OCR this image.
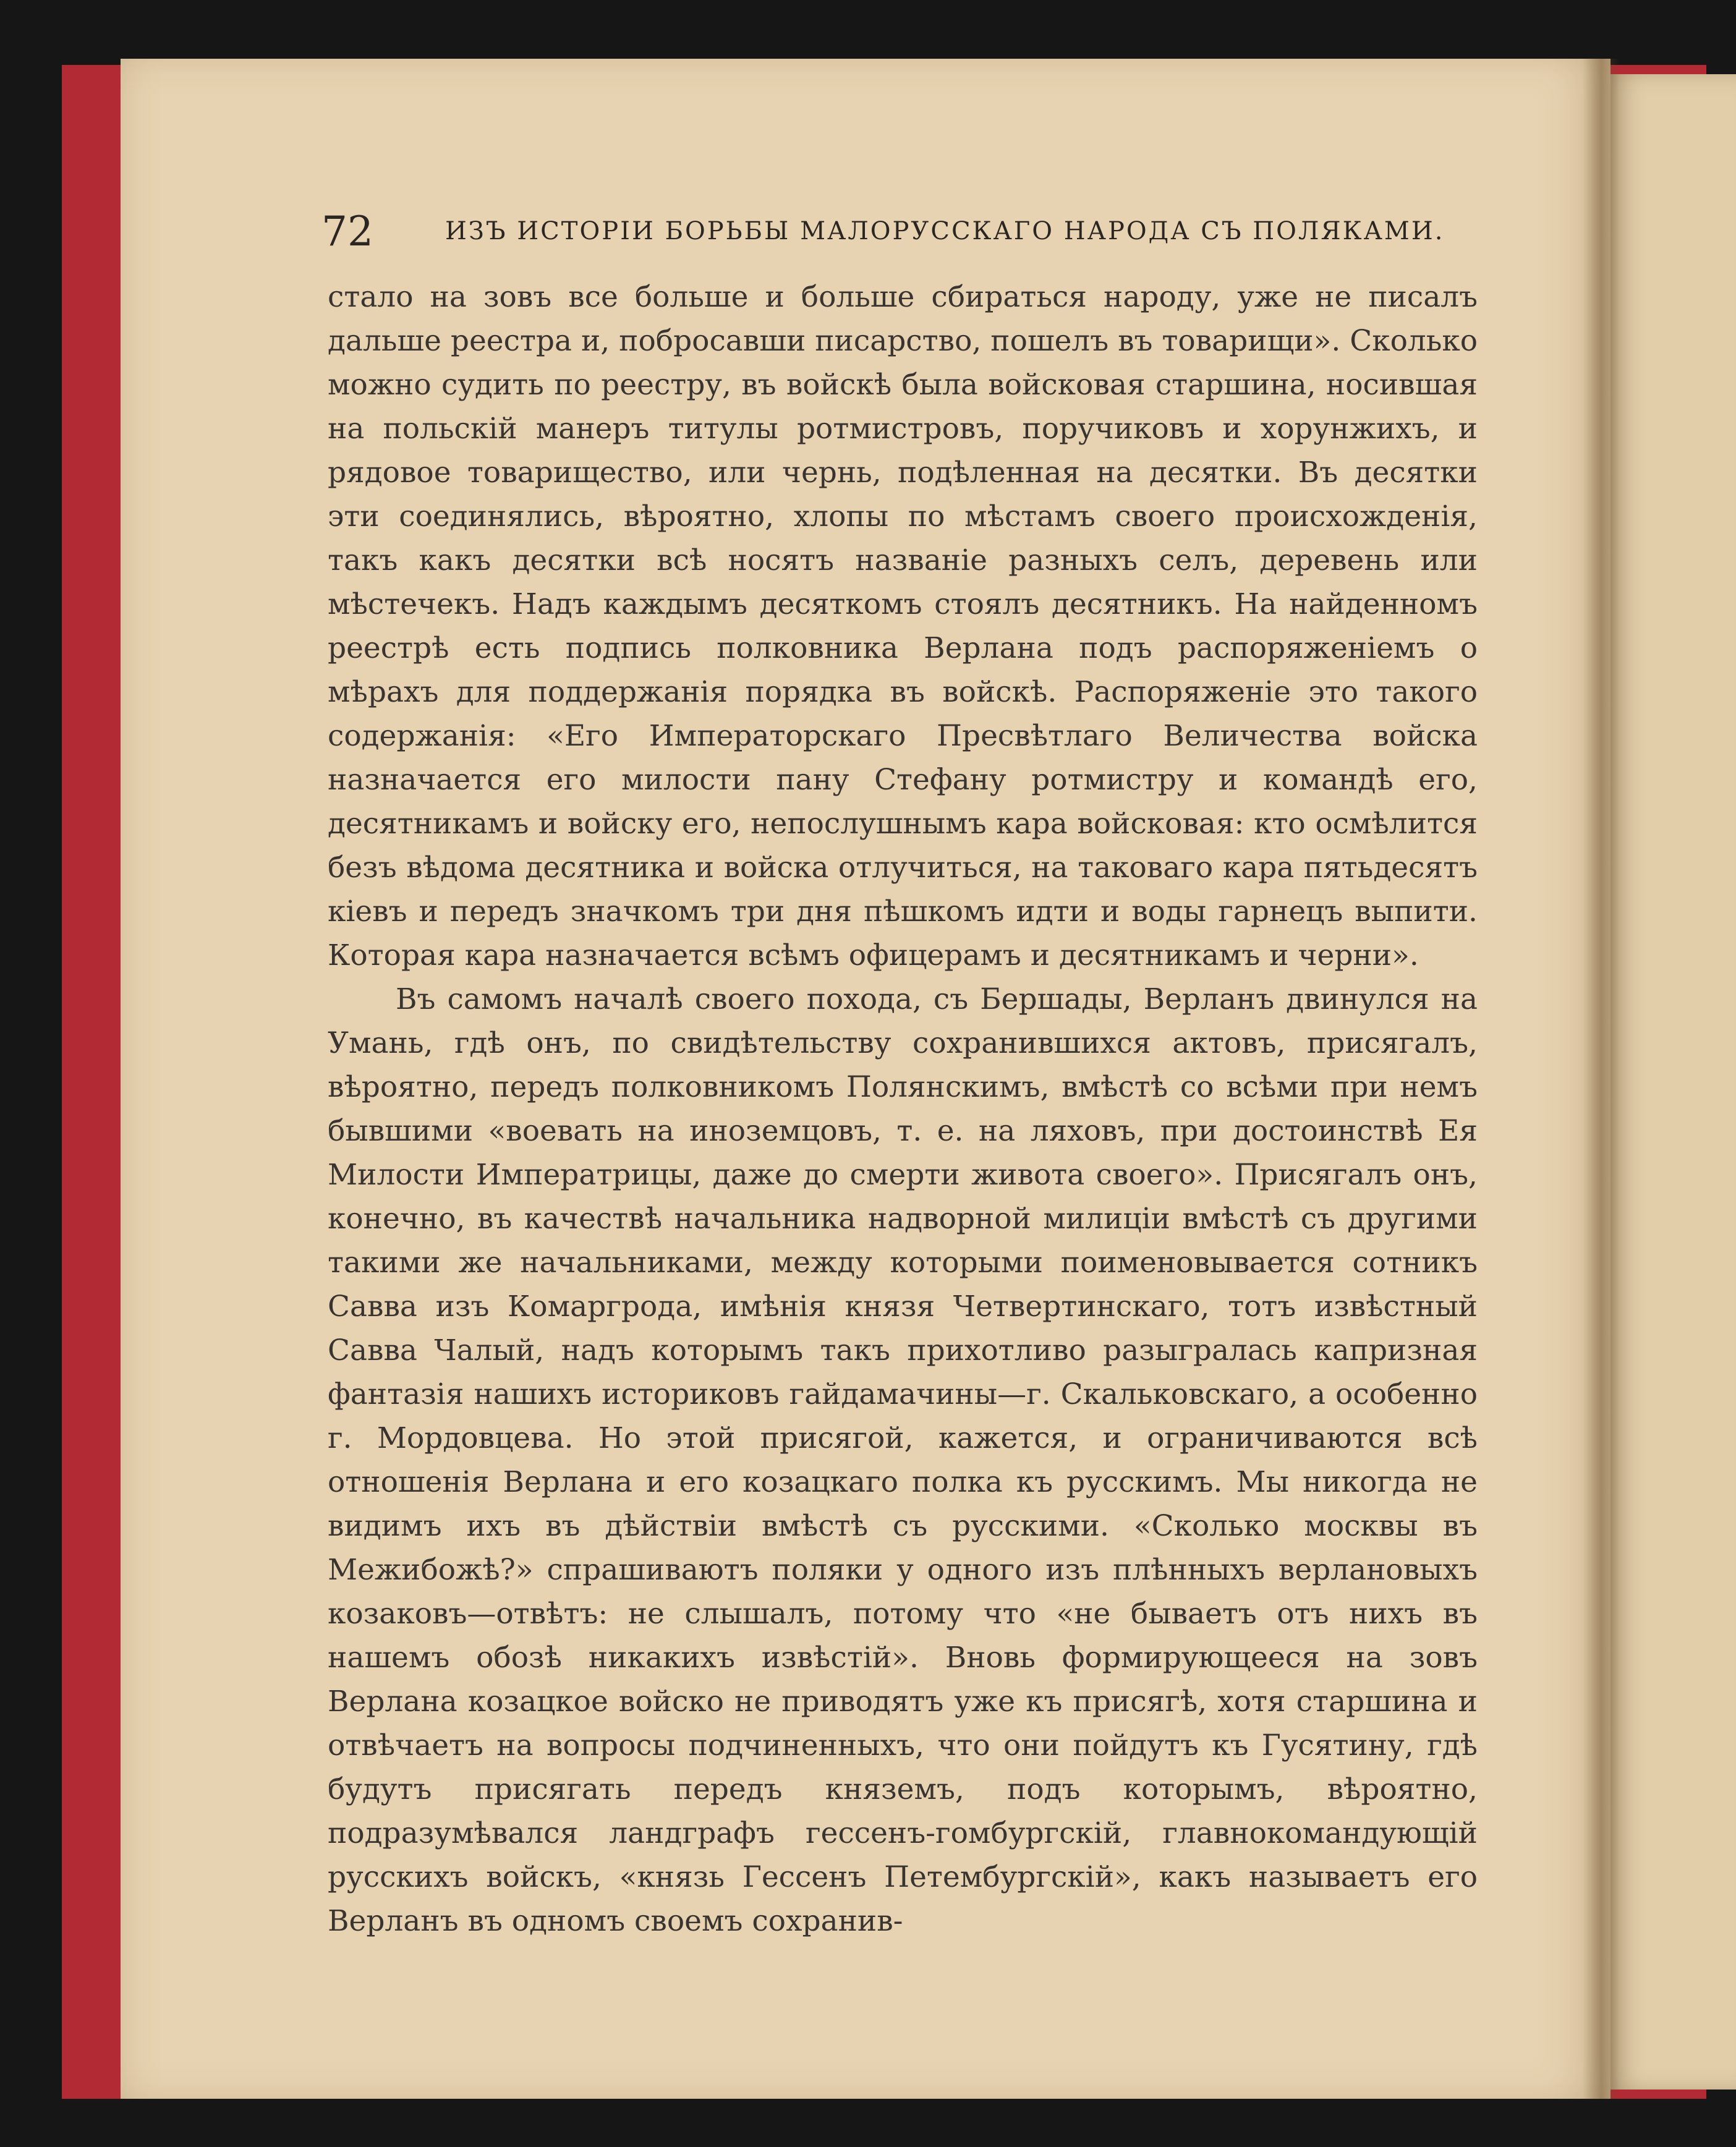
72	ИЗЪ ИСТОРІИ БОРЬБЫ МАЛОРУССКАГО НАРОДА СЪ ПОЛЯКАМИ.

стало на зовъ все больше и больше сбираться народу, уже не писалъ дальше реестра и, побросавши писарство, пошелъ въ товарищи». Сколько можно судить по реестру, въ войскѣ была войсковая старшина, носившая на польскій манеръ титулы ротмистровъ, поручиковъ и хорунжихъ, и рядовое товарищество, или чернь, подѣленная на десятки. Въ десятки эти соединялись, вѣроятно, хлопы по мѣстамъ своего происхожденія, такъ какъ десятки всѣ носятъ названіе разныхъ селъ, деревень или мѣстечекъ. Надъ каждымъ десяткомъ стоялъ десятникъ. На найденномъ реестрѣ есть подпись полковника Верлана подъ распоряженіемъ о мѣрахъ для поддержанія порядка въ войскѣ. Распоряженіе это такого содержанія: «Его Императорскаго Пресвѣтлаго Величества войска назначается его милости пану Стефану ротмистру и командѣ его, десятникамъ и войску его, непослушнымъ кара войсковая: кто осмѣлится безъ вѣдома десятника и войска отлучиться, на таковаго кара пятьдесятъ кіевъ и передъ значкомъ три дня пѣшкомъ идти и воды гарнецъ выпити. Которая кара назначается всѣмъ офицерамъ и десятникамъ и черни».

Въ самомъ началѣ своего похода, съ Бершады, Верланъ двинулся на Умань, гдѣ онъ, по свидѣтельству сохранившихся актовъ, присягалъ, вѣроятно, передъ полковникомъ Полянскимъ, вмѣстѣ со всѣми при немъ бывшими «воевать на иноземцовъ, т. е. на ляховъ, при достоинствѣ Ея Милости Императрицы, даже до смерти живота своего». Присягалъ онъ, конечно, въ качествѣ начальника надворной милиціи вмѣстѣ съ другими такими же начальниками, между которыми поименовывается сотникъ Савва изъ Комаргрода, имѣнія князя Четвертинскаго, тотъ извѣстный Савва Чалый, надъ которымъ такъ прихотливо разыгралась капризная фантазія нашихъ историковъ гайдамачины—г. Скальковскаго, а особенно г. Мордовцева. Но этой присягой, кажется, и ограничиваются всѣ отношенія Верлана и его козацкаго полка къ русскимъ. Мы никогда не видимъ ихъ въ дѣйствіи вмѣстѣ съ русскими. «Сколько москвы въ Межибожѣ?» спрашиваютъ поляки у одного изъ плѣнныхъ верлановыхъ козаковъ—отвѣтъ: не слышалъ, потому что «не бываетъ отъ нихъ въ нашемъ обозѣ никакихъ извѣстій». Вновь формирующееся на зовъ Верлана козацкое войско не приводятъ уже къ присягѣ, хотя старшина и отвѣчаетъ на вопросы подчиненныхъ, что они пойдутъ къ Гусятину, гдѣ будутъ присягать передъ княземъ, подъ которымъ, вѣроятно, подразумѣвался ландграфъ гессенъ-гомбургскій, главнокомандующій русскихъ войскъ, «князь Гессенъ Петембургскій», какъ называетъ его Верланъ въ одномъ своемъ сохранив-
